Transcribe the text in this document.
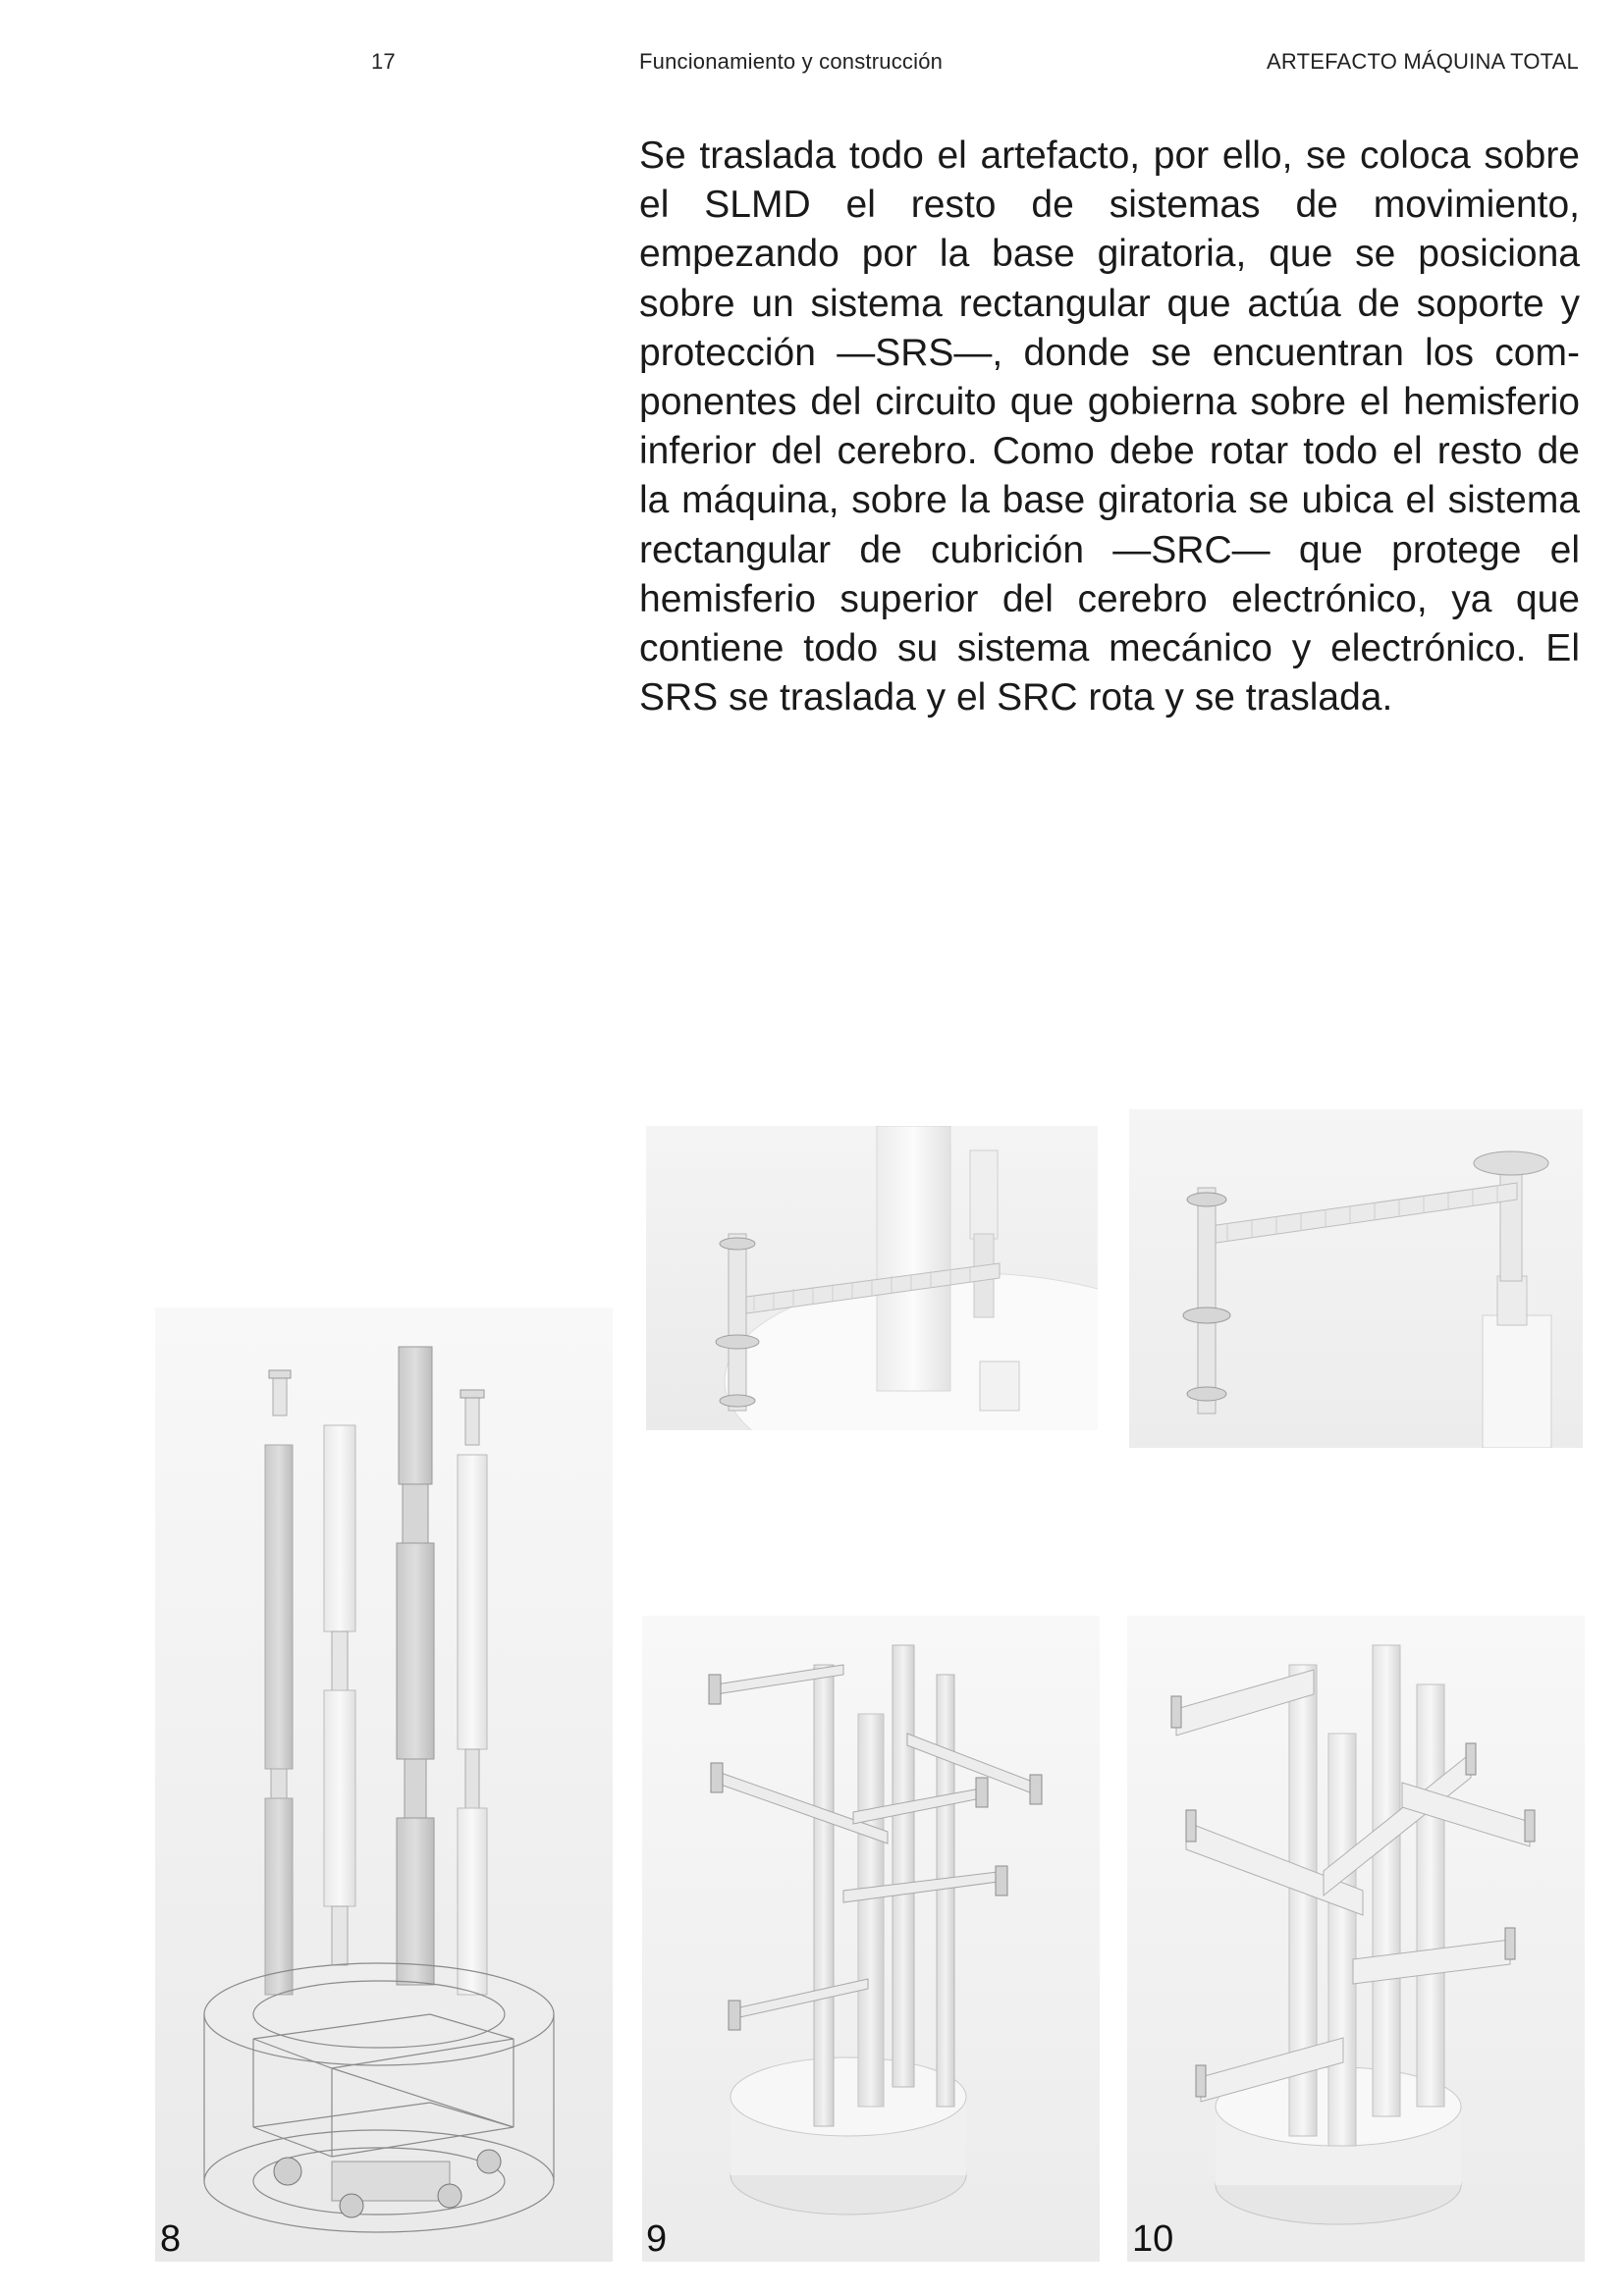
17	Funcionamiento y construcción	ARTEFACTO MÁQUINA TOTAL

Se traslada todo el artefacto, por ello, se coloca sobre el SLMD el resto de sistemas de movimiento, empezando por la base giratoria, que se posiciona sobre un sistema rectangular que actúa de soporte y protección —SRS—, donde se encuentran los componentes del circuito que gobierna sobre el hemisferio inferior del cerebro. Como debe rotar todo el resto de la máquina, sobre la base giratoria se ubica el sistema rectangular de cubrición —SRC— que protege el hemisferio superior del cerebro electrónico, ya que contiene todo su sistema mecánico y electrónico. El SRS se traslada y el SRC rota y se traslada.

8	9	10
